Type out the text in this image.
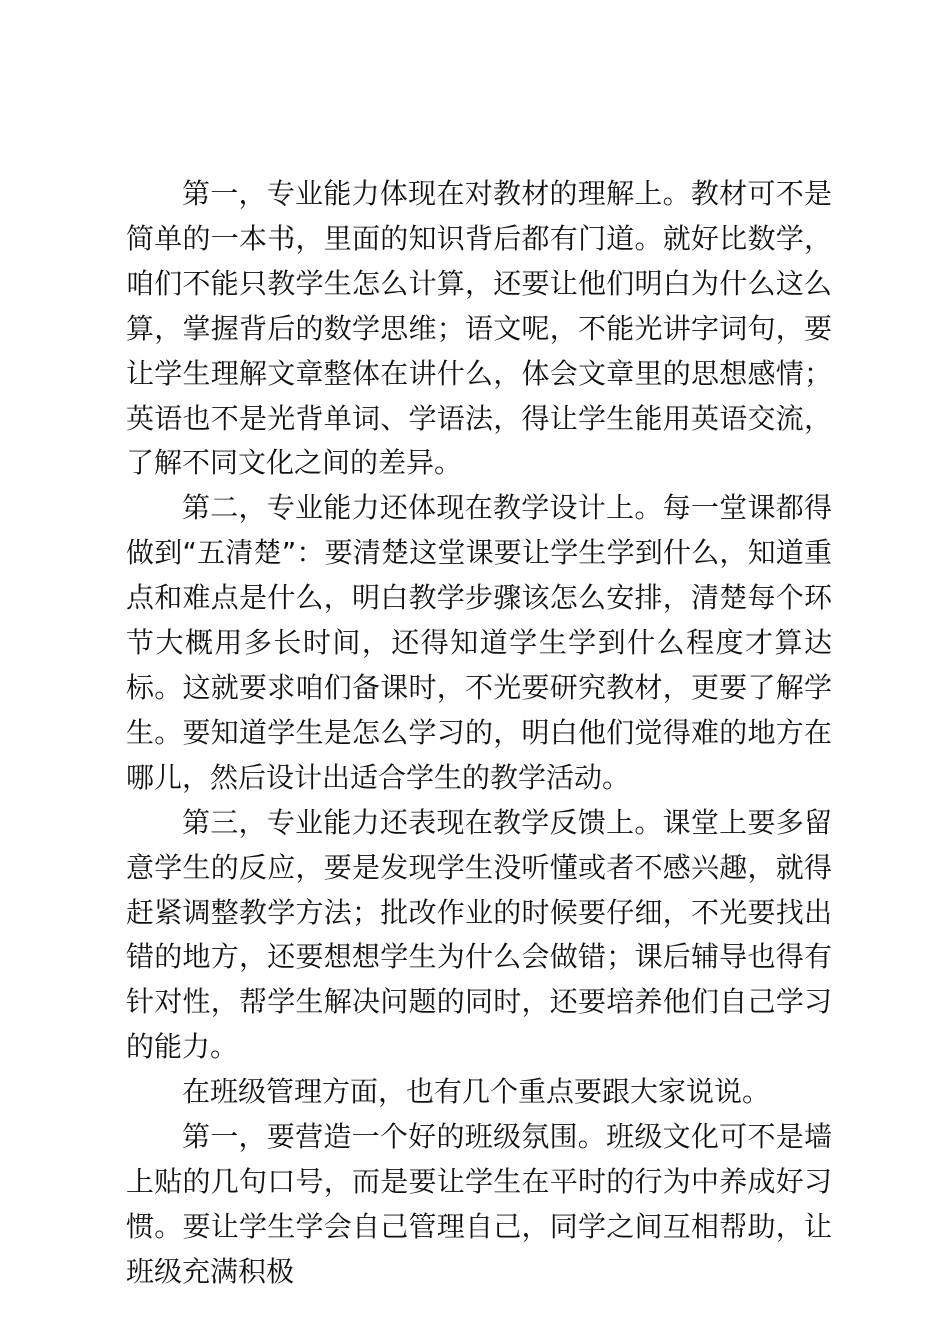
第一，专业能力体现在对教材的理解上。教材可不是简单的一本书，里面的知识背后都有门道。就好比数学，咱们不能只教学生怎么计算，还要让他们明白为什么这么算，掌握背后的数学思维；语文呢，不能光讲字词句，要让学生理解文章整体在讲什么，体会文章里的思想感情；英语也不是光背单词、学语法，得让学生能用英语交流，了解不同文化之间的差异。

第二，专业能力还体现在教学设计上。每一堂课都得做到“五清楚”：要清楚这堂课要让学生学到什么，知道重点和难点是什么，明白教学步骤该怎么安排，清楚每个环节大概用多长时间，还得知道学生学到什么程度才算达标。这就要求咱们备课时，不光要研究教材，更要了解学生。要知道学生是怎么学习的，明白他们觉得难的地方在哪儿，然后设计出适合学生的教学活动。

第三，专业能力还表现在教学反馈上。课堂上要多留意学生的反应，要是发现学生没听懂或者不感兴趣，就得赶紧调整教学方法；批改作业的时候要仔细，不光要找出错的地方，还要想想学生为什么会做错；课后辅导也得有针对性，帮学生解决问题的同时，还要培养他们自己学习的能力。

在班级管理方面，也有几个重点要跟大家说说。

第一，要营造一个好的班级氛围。班级文化可不是墙上贴的几句口号，而是要让学生在平时的行为中养成好习惯。要让学生学会自己管理自己，同学之间互相帮助，让班级充满积极
